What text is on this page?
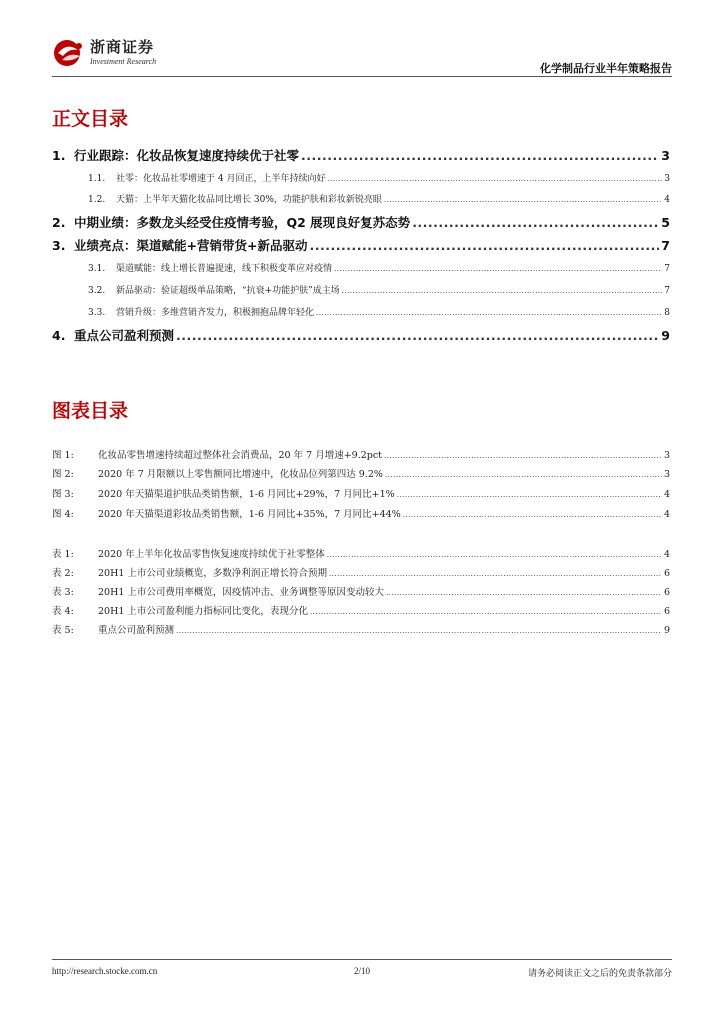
浙商证券
Investment Research
化学制品行业半年策略报告
正文目录
1. 行业跟踪：化妆品恢复速度持续优于社零 .....	3
1.1.	社零：化妆品社零增速于 4 月回正，上半年持续向好 .....	3
1.2.	天猫：上半年天猫化妆品同比增长 30%，功能护肤和彩妆新锐亮眼 .....	4
2. 中期业绩：多数龙头经受住疫情考验，Q2 展现良好复苏态势 .....	5
3. 业绩亮点：渠道赋能+营销带货+新品驱动 .....	7
3.1.	渠道赋能：线上增长普遍提速，线下积极变革应对疫情 .....	7
3.2.	新品驱动：验证超级单品策略，“抗衰+功能护肤”成主场 .....	7
3.3.	营销升级：多维营销齐发力，积极拥抱品牌年轻化 .....	8
4. 重点公司盈利预测 .....	9
图表目录
图 1:	化妆品零售增速持续超过整体社会消费品，20 年 7 月增速+9.2pct .....	3
图 2:	2020 年 7 月限额以上零售额同比增速中，化妆品位列第四达 9.2% .....	3
图 3:	2020 年天猫渠道护肤品类销售额，1-6 月同比+29%，7 月同比+1% .....	4
图 4:	2020 年天猫渠道彩妆品类销售额，1-6 月同比+35%，7 月同比+44% .....	4
表 1:	2020 年上半年化妆品零售恢复速度持续优于社零整体 .....	4
表 2:	20H1 上市公司业绩概览，多数净利润正增长符合预期 .....	6
表 3:	20H1 上市公司费用率概览，因疫情冲击、业务调整等原因变动较大 .....	6
表 4:	20H1 上市公司盈利能力指标同比变化，表现分化 .....	6
表 5:	重点公司盈利预测 .....	9
http://research.stocke.com.cn	2/10	请务必阅读正文之后的免责条款部分
